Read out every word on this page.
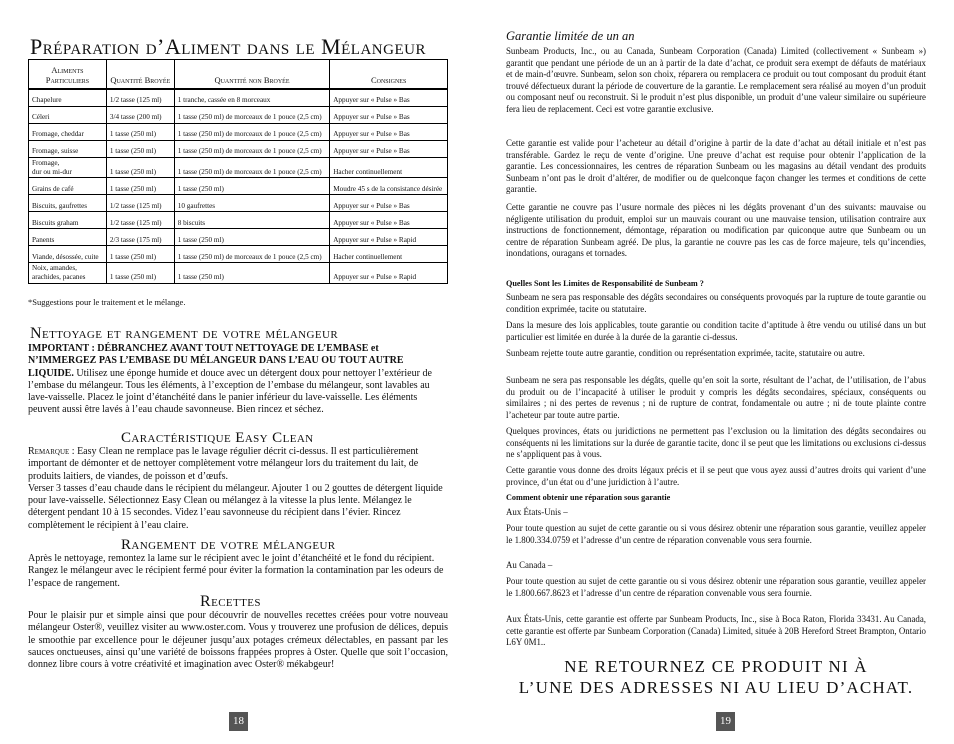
Préparation d’Aliment dans le Mélangeur
Aliments Particuliers	Quantité Broyée	Quantité non Broyée	Consignes
Chapelure	1/2 tasse (125 ml)	1 tranche, cassée en 8 morceaux	Appuyer sur « Pulse » Bas
Céleri	3/4 tasse (200 ml)	1 tasse (250 ml) de morceaux de 1 pouce (2,5 cm)	Appuyer sur « Pulse » Bas
Fromage, cheddar	1 tasse (250 ml)	1 tasse (250 ml) de morceaux de 1 pouce (2,5 cm)	Appuyer sur « Pulse » Bas
Fromage, suisse	1 tasse (250 ml)	1 tasse (250 ml) de morceaux de 1 pouce (2,5 cm)	Appuyer sur « Pulse » Bas
Fromage,
dur ou mi-dur	1 tasse (250 ml)	1 tasse (250 ml) de morceaux de 1 pouce (2,5 cm)	Hacher continuellement
Grains de café	1 tasse (250 ml)	1 tasse (250 ml)	Moudre 45 s de la consistance désirée
Biscuits, gaufrettes	1/2 tasse (125 ml)	10 gaufrettes	Appuyer sur « Pulse » Bas
Biscuits graham	1/2 tasse (125 ml)	8 biscuits	Appuyer sur « Pulse » Bas
Panents	2/3 tasse (175 ml)	1 tasse (250 ml)	Appuyer sur « Pulse » Rapid
Viande, désossée, cuite	1 tasse (250 ml)	1 tasse (250 ml) de morceaux de 1 pouce (2,5 cm)	Hacher continuellement
Noix, amandes,
arachides, pacanes	1 tasse (250 ml)	1 tasse (250 ml)	Appuyer sur « Pulse » Rapid
*Suggestions pour le traitement et le mélange.
Nettoyage et rangement de votre mélangeur
IMPORTANT : DÉBRANCHEZ AVANT TOUT NETTOYAGE DE L’EMBASE et N’IMMERGEZ PAS L’EMBASE DU MÉLANGEUR DANS L’EAU OU TOUT AUTRE LIQUIDE. Utilisez une éponge humide et douce avec un détergent doux pour nettoyer l’extérieur de l’embase du mélangeur. Tous les éléments, à l’exception de l’embase du mélangeur, sont lavables au lave-vaisselle. Placez le joint d’étanchéité dans le panier inférieur du lave-vaisselle. Les éléments peuvent aussi être lavés à l’eau chaude savonneuse. Bien rincez et séchez.
Caractéristique Easy Clean
Remarque : Easy Clean ne remplace pas le lavage régulier décrit ci-dessus. Il est particulièrement important de démonter et de nettoyer complètement votre mélangeur lors du traitement du lait, de produits laitiers, de viandes, de poisson et d’œufs.
Verser 3 tasses d’eau chaude dans le récipient du mélangeur. Ajouter 1 ou 2 gouttes de détergent liquide pour lave-vaisselle. Sélectionnez Easy Clean ou mélangez à la vitesse la plus lente. Mélangez le détergent pendant 10 à 15 secondes. Videz l’eau savonneuse du récipient dans l’évier. Rincez complètement le récipient à l’eau claire.
Rangement de votre mélangeur
Après le nettoyage, remontez la lame sur le récipient avec le joint d’étanchéité et le fond du récipient. Rangez le mélangeur avec le récipient fermé pour éviter la formation la contamination par les odeurs de l’espace de rangement.
Recettes
Pour le plaisir pur et simple ainsi que pour découvrir de nouvelles recettes créées pour votre nouveau mélangeur Oster®, veuillez visiter au www.oster.com. Vous y trouverez une profusion de délices, depuis le smoothie par excellence pour le déjeuner jusqu’aux potages crémeux délectables, en passant par les sauces onctueuses, ainsi qu’une variété de boissons frappées propres à Oster. Quelle que soit l’occasion, donnez libre cours à votre créativité et imagination avec Oster® mékabgeur!
18
Garantie limitée de un an

Sunbeam Products, Inc., ou au Canada, Sunbeam Corporation (Canada) Limited (collectivement « Sunbeam ») garantit que pendant une période de un an à partir de la date d’achat, ce produit sera exempt de défauts de matériaux et de main-d’œuvre. Sunbeam, selon son choix, réparera ou remplacera ce produit ou tout composant du produit étant trouvé défectueux durant la période de couverture de la garantie. Le remplacement sera réalisé au moyen d’un produit ou composant neuf ou reconstruit. Si le produit n’est plus disponible, un produit d’une valeur similaire ou supérieure fera lieu de replacement. Ceci est votre garantie exclusive.

Cette garantie est valide pour l’acheteur au détail d’origine à partir de la date d’achat au détail initiale et n’est pas transférable. Gardez le reçu de vente d’origine. Une preuve d’achat est requise pour obtenir l’application de la garantie. Les concessionnaires, les centres de réparation Sunbeam ou les magasins au détail vendant des produits Sunbeam n’ont pas le droit d’altérer, de modifier ou de quelconque façon changer les termes et conditions de cette garantie.

Cette garantie ne couvre pas l’usure normale des pièces ni les dégâts provenant d’un des suivants: mauvaise ou négligente utilisation du produit, emploi sur un mauvais courant ou une mauvaise tension, utilisation contraire aux instructions de fonctionnement, démontage, réparation ou modification par quiconque autre que Sunbeam ou un centre de réparation Sunbeam agréé. De plus, la garantie ne couvre pas les cas de force majeure, tels qu’incendies, inondations, ouragans et tornades.

Quelles Sont les Limites de Responsabilité de Sunbeam ?

Sunbeam ne sera pas responsable des dégâts secondaires ou conséquents provoqués par la rupture de toute garantie ou condition exprimée, tacite ou statutaire.

Dans la mesure des lois applicables, toute garantie ou condition tacite d’aptitude à être vendu ou utilisé dans un but particulier est limitée en durée à la durée de la garantie ci-dessus.

Sunbeam rejette toute autre garantie, condition ou représentation exprimée, tacite, statutaire ou autre.

Sunbeam ne sera pas responsable les dégâts, quelle qu’en soit la sorte, résultant de l’achat, de l’utilisation, de l’abus du produit ou de l’incapacité à utiliser le produit y compris les dégâts secondaires, spéciaux, conséquents ou similaires ; ni des pertes de revenus ; ni de rupture de contrat, fondamentale ou autre ; ni de toute plainte contre l’acheteur par toute autre partie.

Quelques provinces, états ou juridictions ne permettent pas l’exclusion ou la limitation des dégâts secondaires ou conséquents ni les limitations sur la durée de garantie tacite, donc il se peut que les limitations ou exclusions ci-dessus ne s’appliquent pas à vous.

Cette garantie vous donne des droits légaux précis et il se peut que vous ayez aussi d’autres droits qui varient d’une province, d’un état ou d’une juridiction à l’autre.

Comment obtenir une réparation sous garantie

Aux États-Unis –

Pour toute question au sujet de cette garantie ou si vous désirez obtenir une réparation sous garantie, veuillez appeler le 1.800.334.0759 et l’adresse d’un centre de réparation convenable vous sera fournie.

Au Canada –

Pour toute question au sujet de cette garantie ou si vous désirez obtenir une réparation sous garantie, veuillez appeler le 1.800.667.8623 et l’adresse d’un centre de réparation convenable vous sera fournie.

Aux États-Unis, cette garantie est offerte par Sunbeam Products, Inc., sise à Boca Raton, Florida 33431. Au Canada, cette garantie est offerte par Sunbeam Corporation (Canada) Limited, située à 20B Hereford Street Brampton, Ontario L6Y 0M1..

NE RETOURNEZ CE PRODUIT NI À
L’UNE DES ADRESSES NI AU LIEU D’ACHAT.
19
